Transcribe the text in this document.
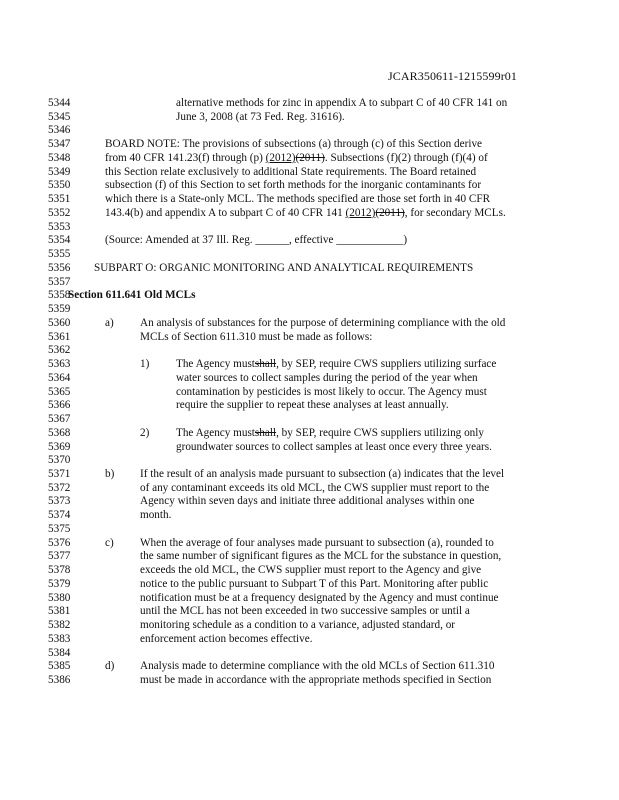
JCAR350611-1215599r01
5344	alternative methods for zinc in appendix A to subpart C of 40 CFR 141 on
5345	June 3, 2008 (at 73 Fed. Reg. 31616).
5346
5347	BOARD NOTE: The provisions of subsections (a) through (c) of this Section derive
5348	from 40 CFR 141.23(f) through (p) (2012)(2011). Subsections (f)(2) through (f)(4) of
5349	this Section relate exclusively to additional State requirements. The Board retained
5350	subsection (f) of this Section to set forth methods for the inorganic contaminants for
5351	which there is a State-only MCL. The methods specified are those set forth in 40 CFR
5352	143.4(b) and appendix A to subpart C of 40 CFR 141 (2012)(2011), for secondary MCLs.
5353
5354	(Source: Amended at 37 Ill. Reg. ______, effective ____________)
5355
5356 SUBPART O: ORGANIC MONITORING AND ANALYTICAL REQUIREMENTS
5357
5358
Section 611.641 Old MCLs
5359
5360	a) An analysis of substances for the purpose of determining compliance with the old
5361	MCLs of Section 611.310 must be made as follows:
5362
5363	1) The Agency mustshall, by SEP, require CWS suppliers utilizing surface
5364	water sources to collect samples during the period of the year when
5365	contamination by pesticides is most likely to occur. The Agency must
5366	require the supplier to repeat these analyses at least annually.
5367
5368	2) The Agency mustshall, by SEP, require CWS suppliers utilizing only
5369	groundwater sources to collect samples at least once every three years.
5370
5371	b) If the result of an analysis made pursuant to subsection (a) indicates that the level
5372	of any contaminant exceeds its old MCL, the CWS supplier must report to the
5373	Agency within seven days and initiate three additional analyses within one
5374	month.
5375
5376	c) When the average of four analyses made pursuant to subsection (a), rounded to
5377	the same number of significant figures as the MCL for the substance in question,
5378	exceeds the old MCL, the CWS supplier must report to the Agency and give
5379	notice to the public pursuant to Subpart T of this Part. Monitoring after public
5380	notification must be at a frequency designated by the Agency and must continue
5381	until the MCL has not been exceeded in two successive samples or until a
5382	monitoring schedule as a condition to a variance, adjusted standard, or
5383	enforcement action becomes effective.
5384
5385	d) Analysis made to determine compliance with the old MCLs of Section 611.310
5386	must be made in accordance with the appropriate methods specified in Section
